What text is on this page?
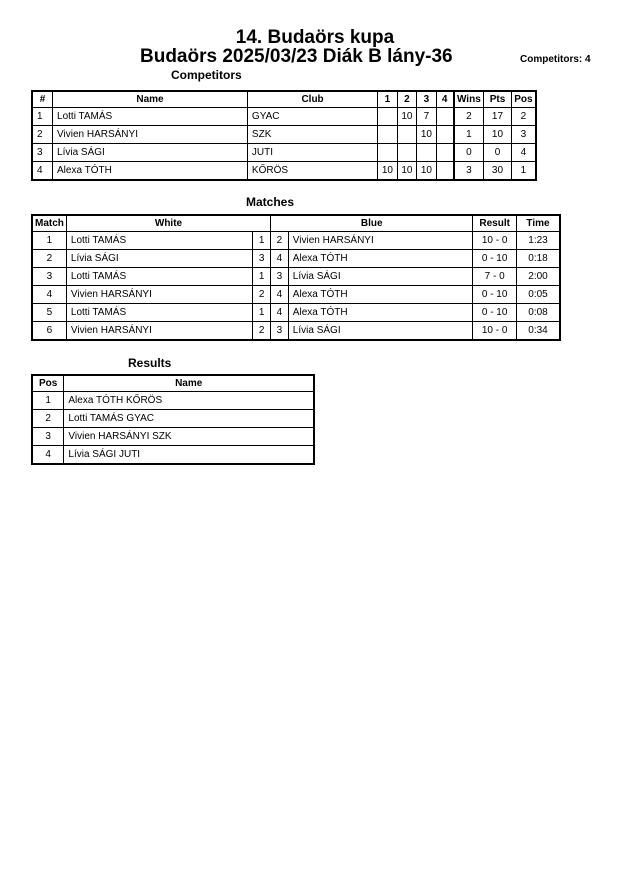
14. Budaörs kupa
Budaörs 2025/03/23 Diák B lány-36	Competitors: 4
Competitors
#	Name	Club	1	2	3	4	Wins	Pts	Pos
1	Lotti TAMÁS	GYAC		10	7		2	17	2
2	Vivien HARSÁNYI	SZK			10		1	10	3
3	Lívia SÁGI	JUTI					0	0	4
4	Alexa TÓTH	KŐRÖS	10	10	10		3	30	1
Matches
Match	White		Blue		Result	Time
1	Lotti TAMÁS	1	2	Vivien HARSÁNYI	10 - 0	1:23
2	Lívia SÁGI	3	4	Alexa TÓTH	0 - 10	0:18
3	Lotti TAMÁS	1	3	Lívia SÁGI	7 - 0	2:00
4	Vivien HARSÁNYI	2	4	Alexa TÓTH	0 - 10	0:05
5	Lotti TAMÁS	1	4	Alexa TÓTH	0 - 10	0:08
6	Vivien HARSÁNYI	2	3	Lívia SÁGI	10 - 0	0:34
Results
Pos	Name
1	Alexa TÓTH KŐRÖS
2	Lotti TAMÁS GYAC
3	Vivien HARSÁNYI SZK
4	Lívia SÁGI JUTI
